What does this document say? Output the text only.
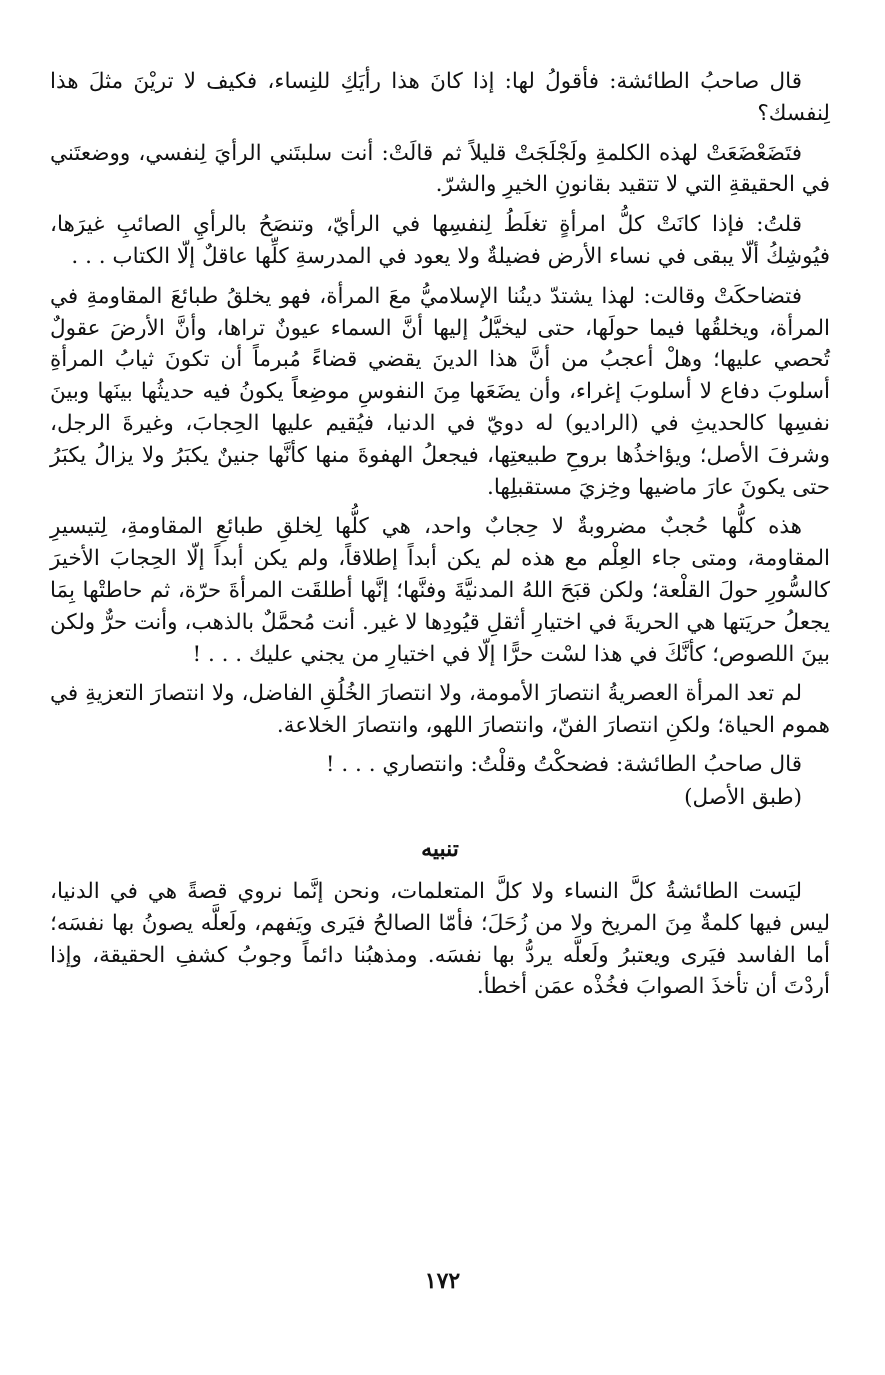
قال صاحبُ الطائشة: فأقولُ لها: إذا كانَ هذا رأيَكِ للنِساء، فكيف لا تريْنَ مثلَ هذا لِنفسك؟

فتَضَعْضَعَتْ لهذه الكلمةِ ولَجْلَجَتْ قليلاً ثم قالَتْ: أنت سلبتَني الرأيَ لِنفسي، ووضعتَني في الحقيقةِ التي لا تتقيد بقانونِ الخيرِ والشرّ.

قلتُ: فإذا كانَتْ كلُّ امرأةٍ تغلَطُ لِنفسِها في الرأيّ، وتنصَحُ بالرأيِ الصائبِ غيرَها، فيُوشِكُ ألّا يبقى في نساء الأرض فضيلةٌ ولا يعود في المدرسةِ كلِّها عاقلٌ إلّا الكتاب . . .

فتضاحكَتْ وقالت: لهذا يشتدّ دينُنا الإسلاميُّ معَ المرأة، فهو يخلقُ طبائعَ المقاومةِ في المرأة، ويخلقُها فيما حولَها، حتى ليخيَّلُ إليها أنَّ السماء عيونٌ تراها، وأنَّ الأرضَ عقولٌ تُحصي عليها؛ وهلْ أعجبُ من أنَّ هذا الدينَ يقضي قضاءً مُبرماً أن تكونَ ثيابُ المرأةِ أسلوبَ دفاع لا أسلوبَ إغراء، وأن يضَعَها مِنَ النفوسِ موضِعاً يكونُ فيه حديثُها بينَها وبينَ نفسِها كالحديثِ في (الراديو) له دويّ في الدنيا، فيُقيم عليها الحِجابَ، وغيرةَ الرجل، وشرفَ الأصل؛ ويؤاخذُها بروحِ طبيعتِها، فيجعلُ الهفوةَ منها كأنَّها جنينٌ يكبَرُ ولا يزالُ يكبَرُ حتى يكونَ عارَ ماضيها وخِزيَ مستقبلِها.

هذه كلُّها حُجبٌ مضروبةٌ لا حِجابٌ واحد، هي كلُّها لِخلقِ طبائعِ المقاومةِ، لِتيسيرِ المقاومة، ومتى جاء العِلْم مع هذه لم يكن أبداً إطلاقاً، ولم يكن أبداً إلّا الحِجابَ الأخيرَ كالسُّورِ حولَ القلْعة؛ ولكن قبَحَ اللهُ المدنيَّةَ وفنَّها؛ إنَّها أطلقَت المرأةَ حرّة، ثم حاطتْها بِمَا يجعلُ حريَتها هي الحريةَ في اختيارِ أثقلِ قيُودِها لا غير. أنت مُحمَّلٌ بالذهب، وأنت حرٌّ ولكن بينَ اللصوص؛ كأنَّكَ في هذا لسْت حرًّا إلّا في اختيارِ من يجني عليك . . . !

لم تعد المرأة العصريةُ انتصارَ الأمومة، ولا انتصارَ الخُلُقِ الفاضل، ولا انتصارَ التعزيةِ في هموم الحياة؛ ولكنِ انتصارَ الفنّ، وانتصارَ اللهو، وانتصارَ الخلاعة.

قال صاحبُ الطائشة: فضحكْتُ وقلْتُ: وانتصاري . . . !

(طبق الأصل)

تنبيه

ليَست الطائشةُ كلَّ النساء ولا كلَّ المتعلمات، ونحن إنَّما نروي قصةً هي في الدنيا، ليس فيها كلمةٌ مِنَ المريخ ولا من زُحَلَ؛ فأمّا الصالحُ فيَرى ويَفهم، ولَعلَّه يصونُ بها نفسَه؛ أما الفاسد فيَرى ويعتبرُ ولَعلَّه يردُّ بها نفسَه. ومذهبُنا دائماً وجوبُ كشفِ الحقيقة، وإذا أردْتَ أن تأخذَ الصوابَ فخُذْه عمَن أخطأ.

١٧٢
